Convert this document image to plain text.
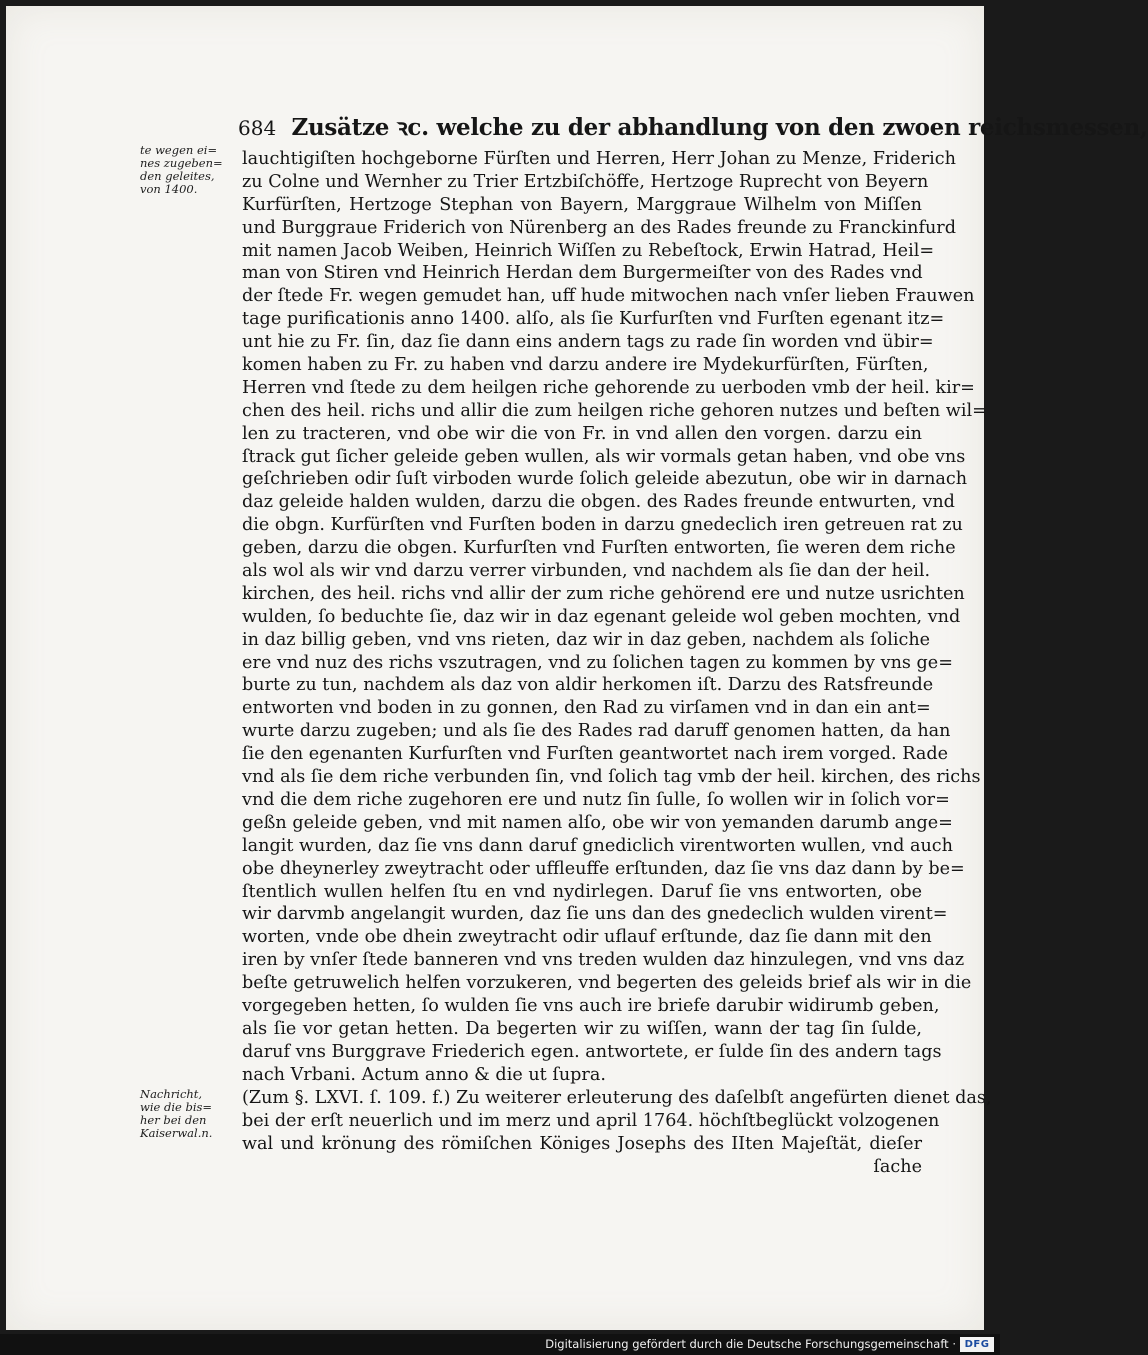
684 Zusätze ꝛc. welche zu der abhandlung von den zwoen reichsmessen,
te wegen ei=
nes zugeben=
den geleites,
von 1400.
Nachricht,
wie die bis=
her bei den
Kaiserwal.n.
lauchtigiſten hochgeborne Fürſten und Herren, Herr Johan zu Menze, Friderich
zu Colne und Wernher zu Trier Ertzbiſchöffe, Hertzoge Ruprecht von Beyern
Kurfürſten, Hertzoge Stephan von Bayern, Marggraue Wilhelm von Miſſen
und Burggraue Friderich von Nürenberg an des Rades freunde zu Franckinfurd
mit namen Jacob Weiben, Heinrich Wiſſen zu Rebeſtock, Erwin Hatrad, Heil=
man von Stiren vnd Heinrich Herdan dem Burgermeiſter von des Rades vnd
der ſtede Fr. wegen gemudet han, uff hude mitwochen nach vnſer lieben Frauwen
tage purificationis anno 1400. alſo, als ſie Kurfurſten vnd Furſten egenant itz=
unt hie zu Fr. ſin, daz ſie dann eins andern tags zu rade ſin worden vnd übir=
komen haben zu Fr. zu haben vnd darzu andere ire Mydekurfürſten, Fürſten,
Herren vnd ſtede zu dem heilgen riche gehorende zu uerboden vmb der heil. kir=
chen des heil. richs und allir die zum heilgen riche gehoren nutzes und beſten wil=
len zu tracteren, vnd obe wir die von Fr. in vnd allen den vorgen. darzu ein
ſtrack gut ſicher geleide geben wullen, als wir vormals getan haben, vnd obe vns
geſchrieben odir ſuſt virboden wurde ſolich geleide abezutun, obe wir in darnach
daz geleide halden wulden, darzu die obgen. des Rades freunde entwurten, vnd
die obgn. Kurfürſten vnd Furſten boden in darzu gnedeclich iren getreuen rat zu
geben, darzu die obgen. Kurfurſten vnd Furſten entworten, ſie weren dem riche
als wol als wir vnd darzu verrer virbunden, vnd nachdem als ſie dan der heil.
kirchen, des heil. richs vnd allir der zum riche gehörend ere und nutze usrichten
wulden, ſo beduchte ſie, daz wir in daz egenant geleide wol geben mochten, vnd
in daz billig geben, vnd vns rieten, daz wir in daz geben, nachdem als ſoliche
ere vnd nuz des richs vszutragen, vnd zu ſolichen tagen zu kommen by vns ge=
burte zu tun, nachdem als daz von aldir herkomen iſt. Darzu des Ratsfreunde
entworten vnd boden in zu gonnen, den Rad zu virſamen vnd in dan ein ant=
wurte darzu zugeben; und als ſie des Rades rad daruff genomen hatten, da han
ſie den egenanten Kurfurſten vnd Furſten geantwortet nach irem vorged. Rade
vnd als ſie dem riche verbunden ſin, vnd ſolich tag vmb der heil. kirchen, des richs
vnd die dem riche zugehoren ere und nutz ſin ſulle, ſo wollen wir in ſolich vor=
geßn geleide geben, vnd mit namen alſo, obe wir von yemanden darumb ange=
langit wurden, daz ſie vns dann daruf gnediclich virentworten wullen, vnd auch
obe dheynerley zweytracht oder uffleuffe erſtunden, daz ſie vns daz dann by be=
ſtentlich wullen helfen ſtu en vnd nydirlegen. Daruf ſie vns entworten, obe
wir darvmb angelangit wurden, daz ſie uns dan des gnedeclich wulden virent=
worten, vnde obe dhein zweytracht odir uflauf erſtunde, daz ſie dann mit den
iren by vnſer ſtede banneren vnd vns treden wulden daz hinzulegen, vnd vns daz
beſte getruwelich helfen vorzukeren, vnd begerten des geleids brief als wir in die
vorgegeben hetten, ſo wulden ſie vns auch ire briefe darubir widirumb geben,
als ſie vor getan hetten. Da begerten wir zu wiſſen, wann der tag ſin ſulde,
daruf vns Burggrave Friederich egen. antwortete, er ſulde ſin des andern tags
nach Vrbani. Actum anno & die ut ſupra.
(Zum §. LXVI. ſ. 109. f.) Zu weiterer erleuterung des daſelbſt angefürten dienet das,
bei der erſt neuerlich und im merz und april 1764. höchſtbeglückt volzogenen
wal und krönung des römiſchen Königes Josephs des IIten Majeſtät, dieſer
ſache
Digitalisierung gefördert durch die Deutsche Forschungsgemeinschaft · DFG
